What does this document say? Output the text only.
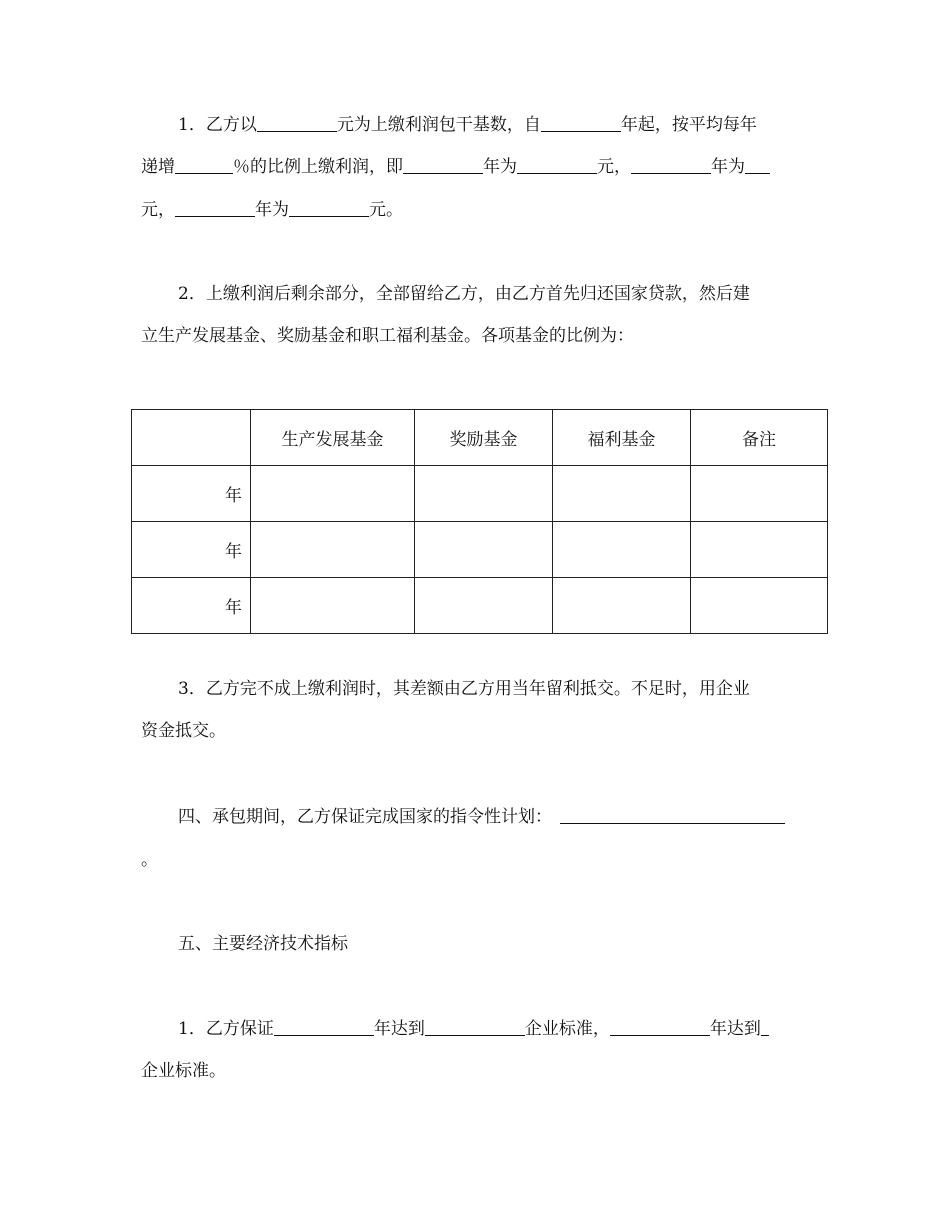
1．乙方以	元为上缴利润包干基数，自	年起，按平均每年
递增	％的比例上缴利润，即	年为	元，	年为
元，	年为	元。
2．上缴利润后剩余部分，全部留给乙方，由乙方首先归还国家贷款，然后建
立生产发展基金、奖励基金和职工福利基金。各项基金的比例为：
	生产发展基金	奖励基金	福利基金	备注
年				
年				
年				
3．乙方完不成上缴利润时，其差额由乙方用当年留利抵交。不足时，用企业
资金抵交。
四、承包期间，乙方保证完成国家的指令性计划：
。
五、主要经济技术指标
1．乙方保证	年达到	企业标准，	年达到
企业标准。
